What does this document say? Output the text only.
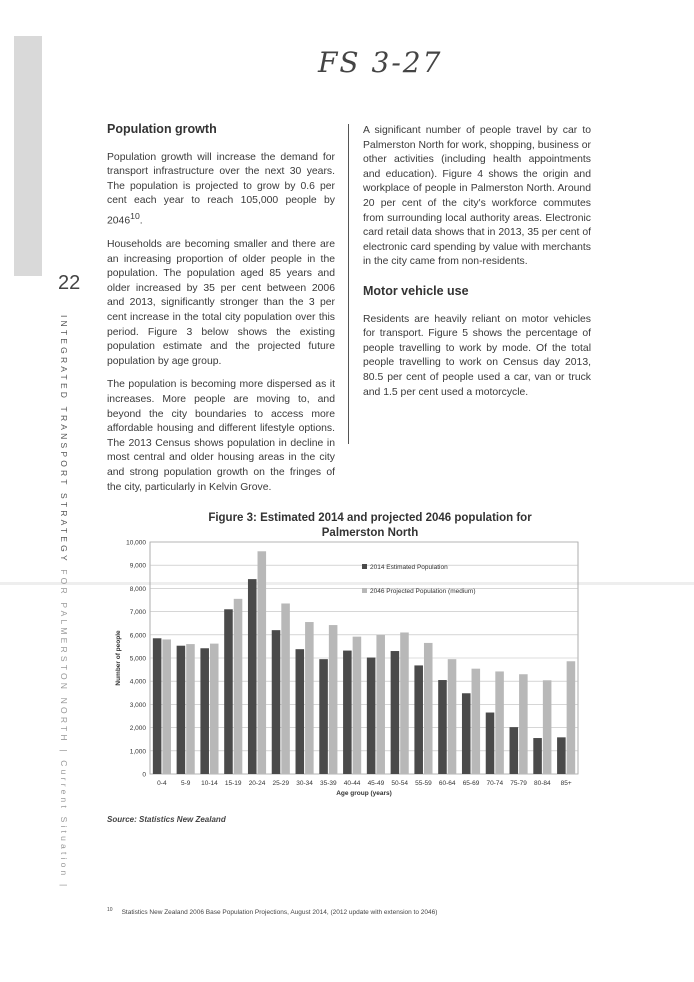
FS 3-27
22
INTEGRATED TRANSPORT STRATEGY FOR PALMERSTON NORTH | Current Situation |
Population growth

Population growth will increase the demand for transport infrastructure over the next 30 years. The population is projected to grow by 0.6 per cent each year to reach 105,000 people by 2046$^{10}$.

Households are becoming smaller and there are an increasing proportion of older people in the population. The population aged 85 years and older increased by 35 per cent between 2006 and 2013, significantly stronger than the 3 per cent increase in the total city population over this period. Figure 3 below shows the existing population estimate and the projected future population by age group.

The population is becoming more dispersed as it increases. More people are moving to, and beyond the city boundaries to access more affordable housing and different lifestyle options. The 2013 Census shows population in decline in most central and older housing areas in the city and strong population growth on the fringes of the city, particularly in Kelvin Grove.

A significant number of people travel by car to Palmerston North for work, shopping, business or other activities (including health appointments and education). Figure 4 shows the origin and workplace of people in Palmerston North. Around 20 per cent of the city's workforce commutes from surrounding local authority areas. Electronic card retail data shows that in 2013, 35 per cent of electronic card spending by value with merchants in the city came from non-residents.

Motor vehicle use

Residents are heavily reliant on motor vehicles for transport. Figure 5 shows the percentage of people travelling to work by mode. Of the total people travelling to work on Census day 2013, 80.5 per cent of people used a car, van or truck and 1.5 per cent used a motorcycle.

Figure 3: Estimated 2014 and projected 2046 population for
Palmerston North
0
1,000
2,000
3,000
4,000
5,000
6,000
7,000
8,000
9,000
10,000
0-4 5-9 10-14 15-19 20-24 25-29 30-34 35-39 40-44 45-49 50-54 55-59 60-64 65-69 70-74 75-79 80-84 85+
Age group (years)
Number of people
2014 Estimated Population
2046 Projected Population (medium)
Source: Statistics New Zealand
$^{10}$ Statistics New Zealand 2006 Base Population Projections, August 2014, (2012 update with extension to 2046)
